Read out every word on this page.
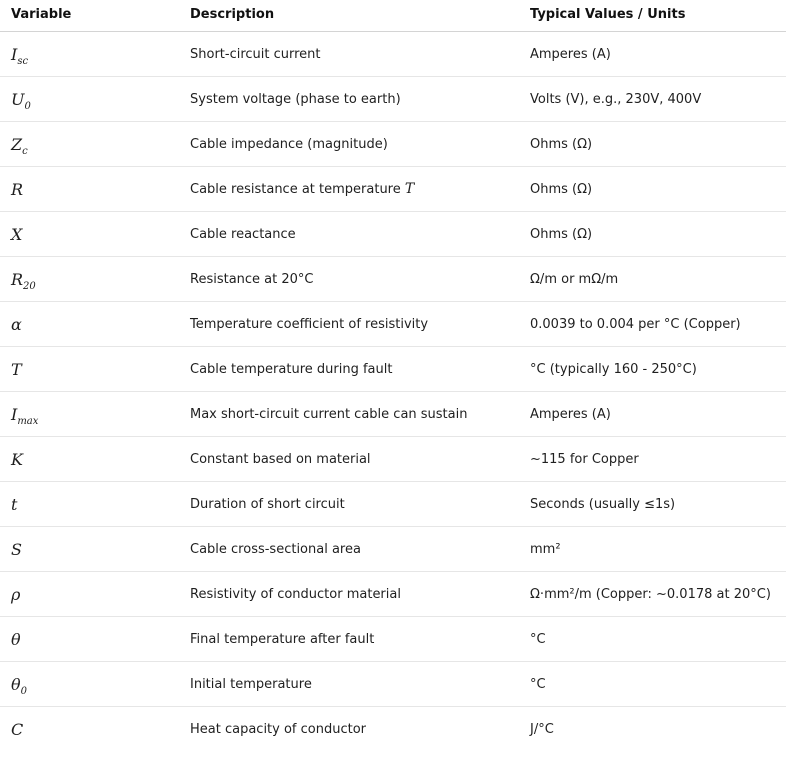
Variable	Description	Typical Values / Units
$I_{sc}$	Short-circuit current	Amperes (A)
$U_0$	System voltage (phase to earth)	Volts (V), e.g., 230V, 400V
$Z_c$	Cable impedance (magnitude)	Ohms (Ω)
R	Cable resistance at temperature T	Ohms (Ω)
X	Cable reactance	Ohms (Ω)
$R_{20}$	Resistance at 20°C	Ω/m or mΩ/m
α	Temperature coefficient of resistivity	0.0039 to 0.004 per °C (Copper)
T	Cable temperature during fault	°C (typically 160 - 250°C)
$I_{max}$	Max short-circuit current cable can sustain	Amperes (A)
K	Constant based on material	~115 for Copper
t	Duration of short circuit	Seconds (usually ≤1s)
S	Cable cross-sectional area	mm²
ρ	Resistivity of conductor material	Ω·mm²/m (Copper: ~0.0178 at 20°C)
θ	Final temperature after fault	°C
$\theta_0$	Initial temperature	°C
C	Heat capacity of conductor	J/°C
